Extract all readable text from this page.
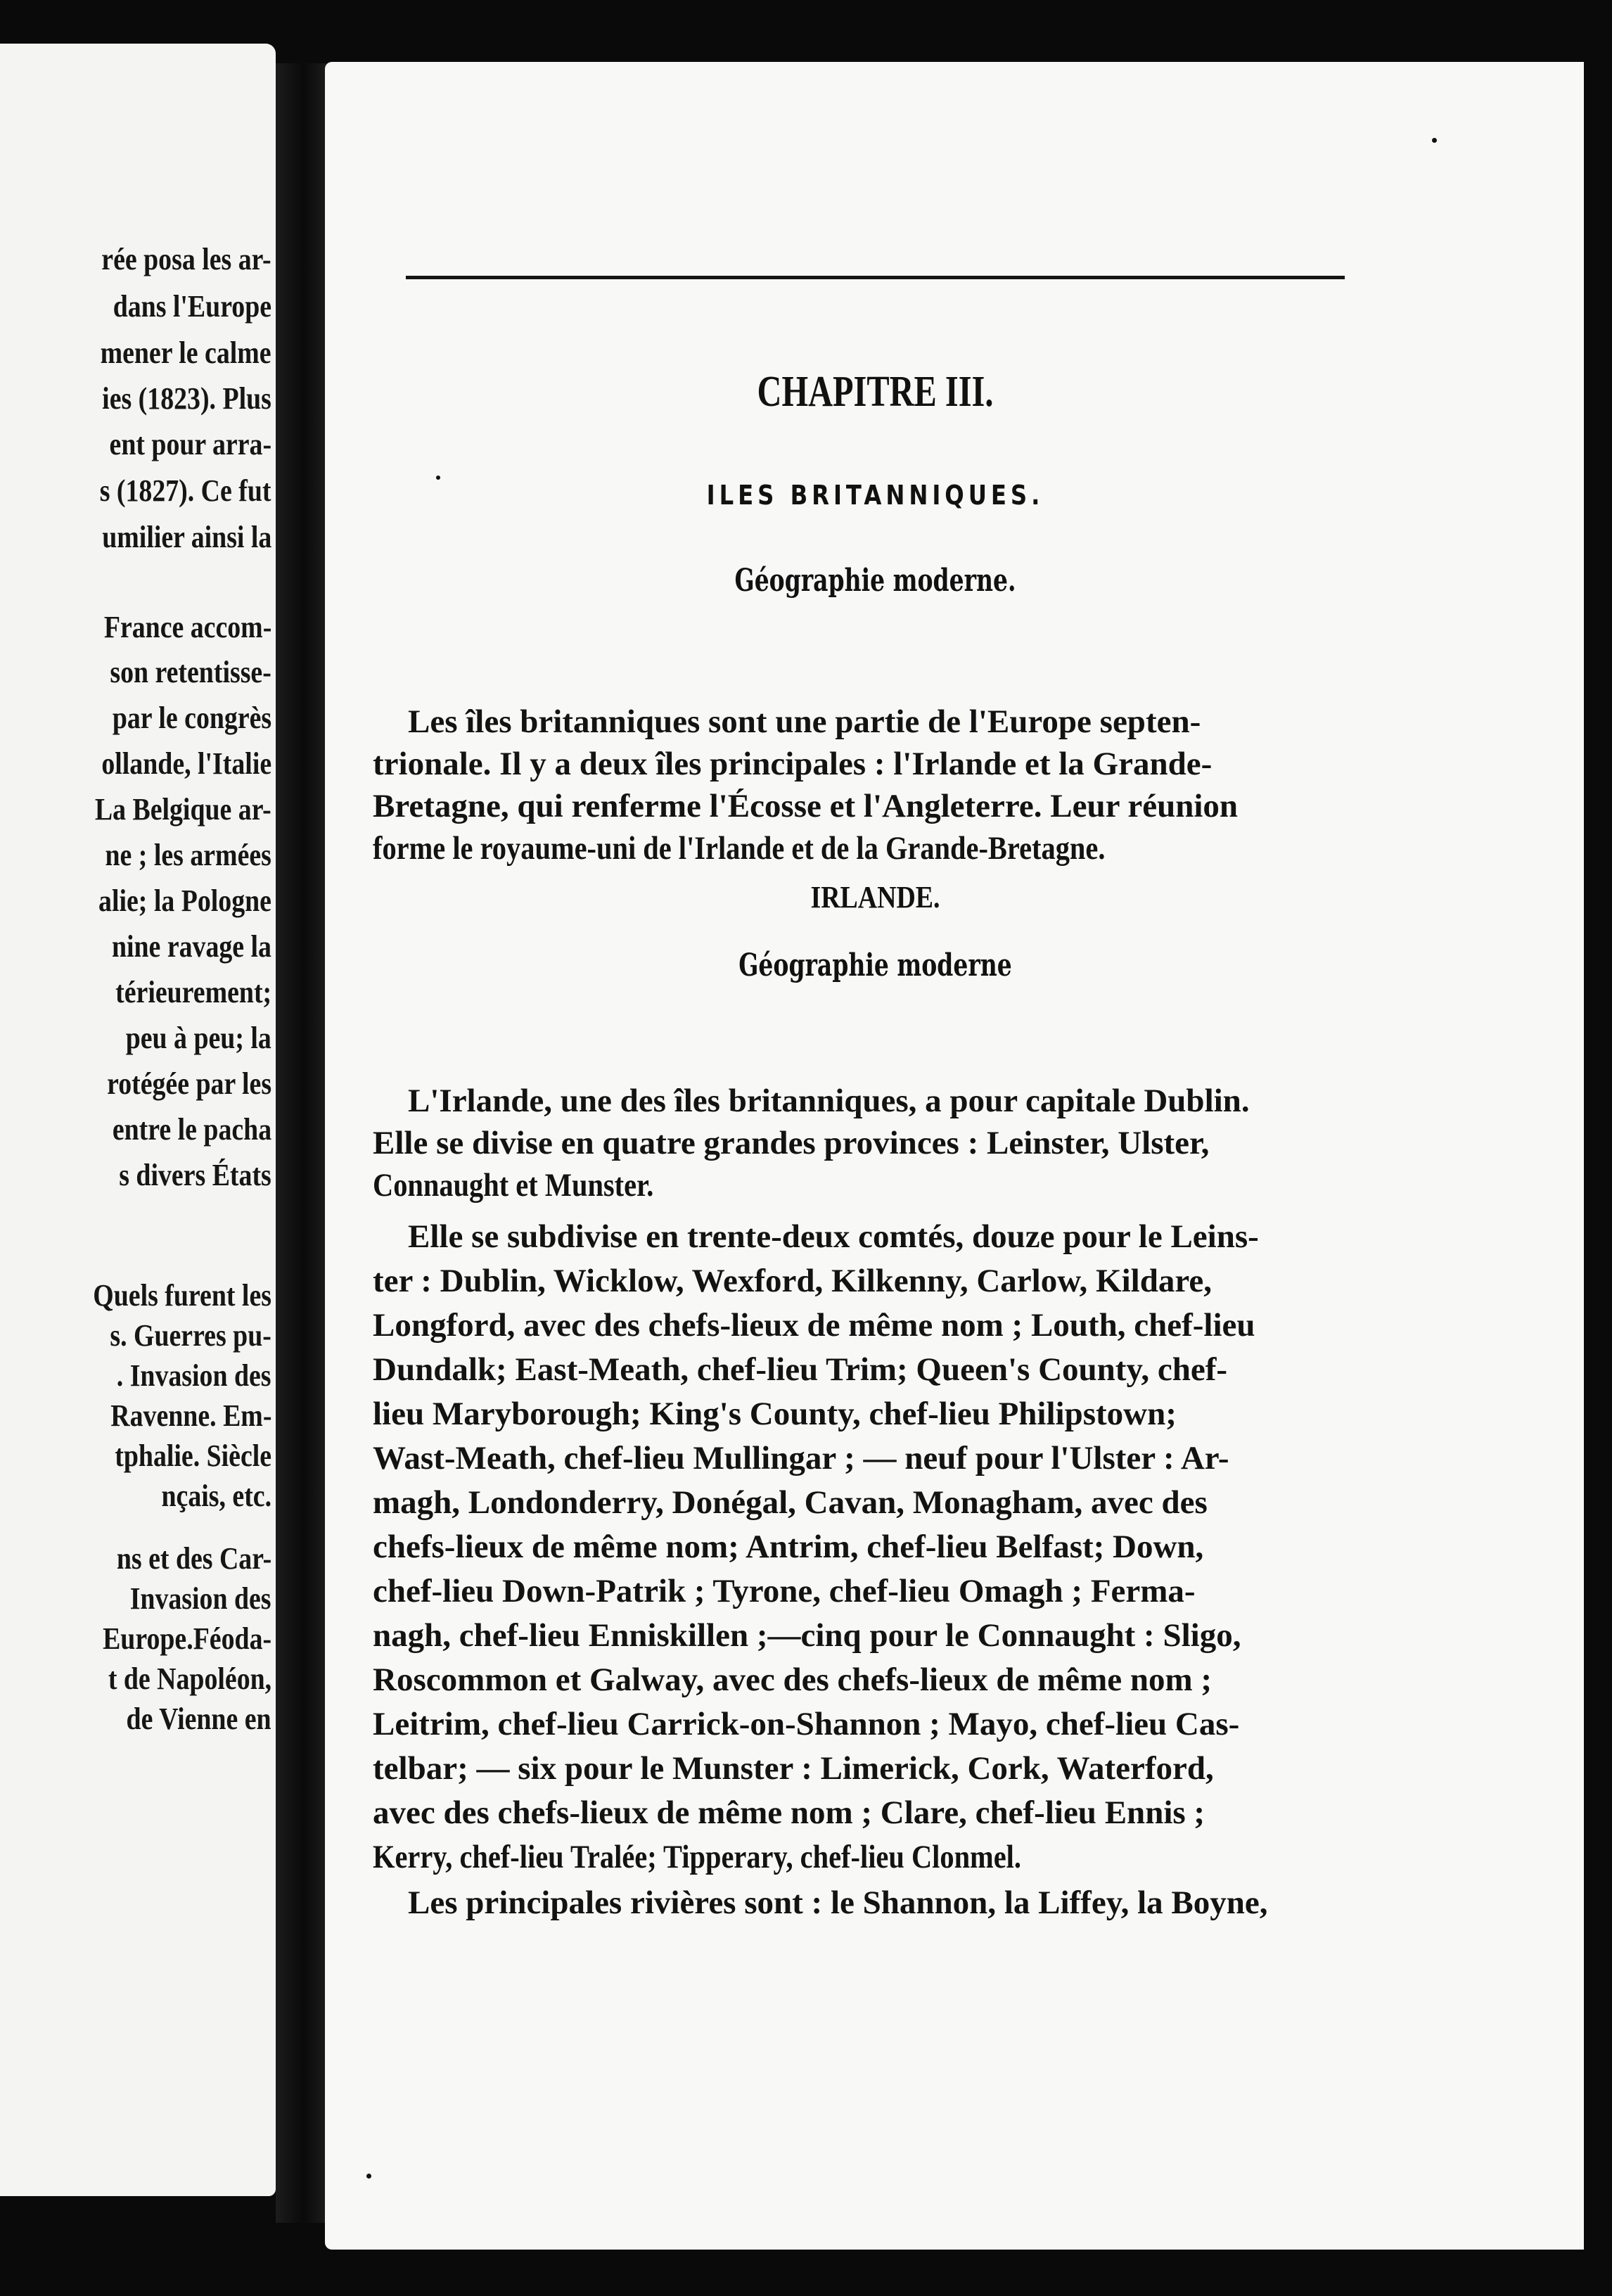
rée posa les ar-
dans l'Europe
mener le calme
ies (1823). Plus
ent pour arra-
s (1827). Ce fut
umilier ainsi la
France accom-
son retentisse-
par le congrès
ollande, l'Italie
La Belgique ar-
ne ; les armées
alie; la Pologne
nine ravage la
térieurement;
peu à peu; la
rotégée par les
entre le pacha
s divers États
Quels furent les
s. Guerres pu-
. Invasion des
Ravenne. Em-
tphalie. Siècle
nçais, etc.
ns et des Car-
Invasion des
Europe.Féoda-
t de Napoléon,
de Vienne en

CHAPITRE III.
ILES BRITANNIQUES.
Géographie moderne.
Les îles britanniques sont une partie de l'Europe septen-
trionale. Il y a deux îles principales : l'Irlande et la Grande-
Bretagne, qui renferme l'Écosse et l'Angleterre. Leur réunion
forme le royaume-uni de l'Irlande et de la Grande-Bretagne.
IRLANDE.
Géographie moderne
L'Irlande, une des îles britanniques, a pour capitale Dublin.
Elle se divise en quatre grandes provinces : Leinster, Ulster,
Connaught et Munster.
Elle se subdivise en trente-deux comtés, douze pour le Leins-
ter : Dublin, Wicklow, Wexford, Kilkenny, Carlow, Kildare,
Longford, avec des chefs-lieux de même nom ; Louth, chef-lieu
Dundalk; East-Meath, chef-lieu Trim; Queen's County, chef-
lieu Maryborough; King's County, chef-lieu Philipstown;
Wast-Meath, chef-lieu Mullingar ; — neuf pour l'Ulster : Ar-
magh, Londonderry, Donégal, Cavan, Monagham, avec des
chefs-lieux de même nom; Antrim, chef-lieu Belfast; Down,
chef-lieu Down-Patrik ; Tyrone, chef-lieu Omagh ; Ferma-
nagh, chef-lieu Enniskillen ;—cinq pour le Connaught : Sligo,
Roscommon et Galway, avec des chefs-lieux de même nom ;
Leitrim, chef-lieu Carrick-on-Shannon ; Mayo, chef-lieu Cas-
telbar; — six pour le Munster : Limerick, Cork, Waterford,
avec des chefs-lieux de même nom ; Clare, chef-lieu Ennis ;
Kerry, chef-lieu Tralée; Tipperary, chef-lieu Clonmel.
Les principales rivières sont : le Shannon, la Liffey, la Boyne,
